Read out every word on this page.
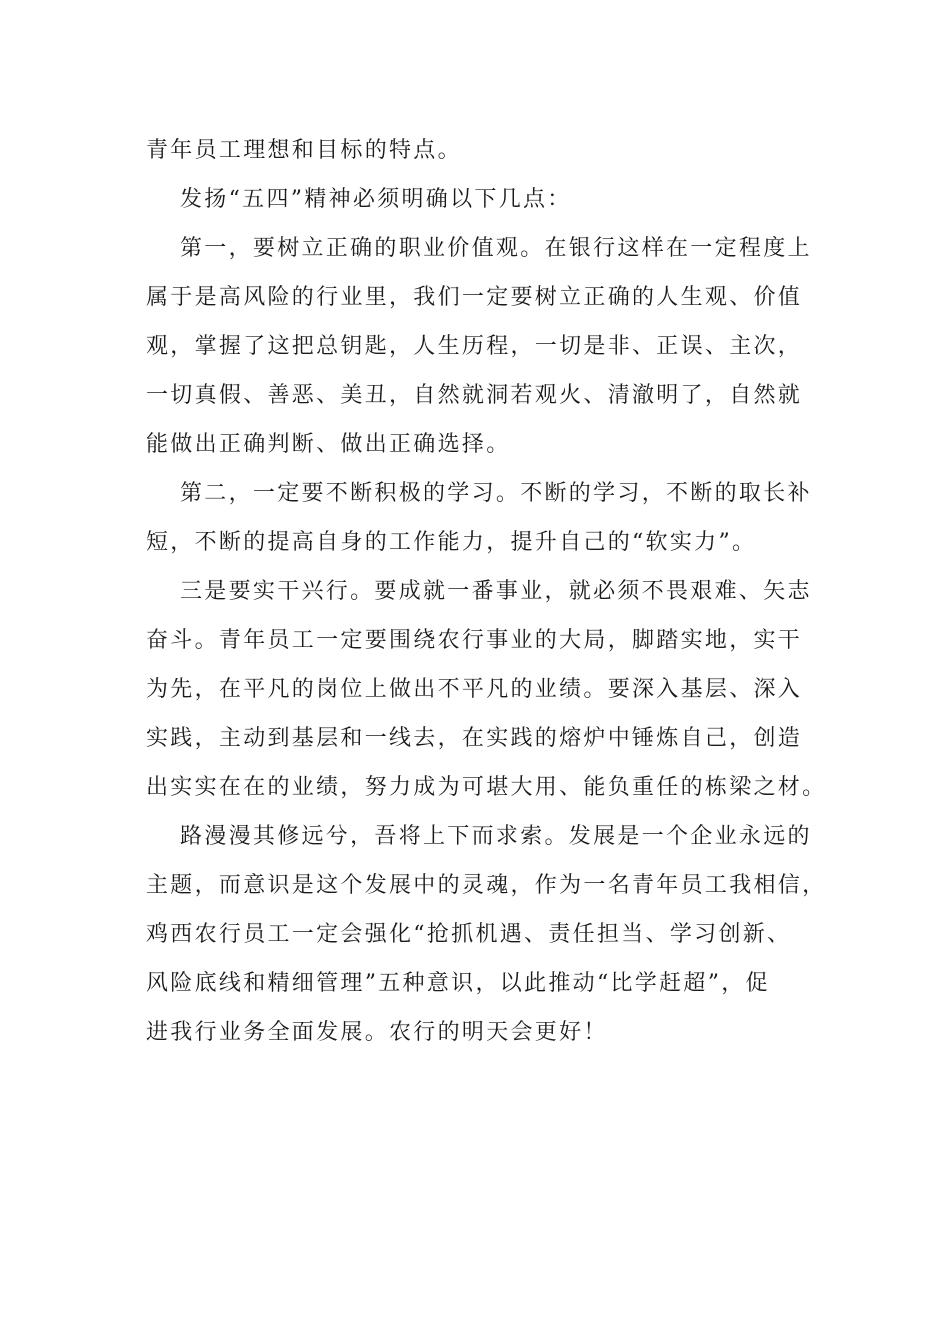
青年员工理想和目标的特点。
发扬“五四”精神必须明确以下几点：
第一，要树立正确的职业价值观。在银行这样在一定程度上
属于是高风险的行业里，我们一定要树立正确的人生观、价值
观，掌握了这把总钥匙，人生历程，一切是非、正误、主次，
一切真假、善恶、美丑，自然就洞若观火、清澈明了，自然就
能做出正确判断、做出正确选择。
第二，一定要不断积极的学习。不断的学习，不断的取长补
短，不断的提高自身的工作能力，提升自己的“软实力”。
三是要实干兴行。要成就一番事业，就必须不畏艰难、矢志
奋斗。青年员工一定要围绕农行事业的大局，脚踏实地，实干
为先，在平凡的岗位上做出不平凡的业绩。要深入基层、深入
实践，主动到基层和一线去，在实践的熔炉中锤炼自己，创造
出实实在在的业绩，努力成为可堪大用、能负重任的栋梁之材。
路漫漫其修远兮，吾将上下而求索。发展是一个企业永远的
主题，而意识是这个发展中的灵魂，作为一名青年员工我相信，
鸡西农行员工一定会强化“抢抓机遇、责任担当、学习创新、
风险底线和精细管理”五种意识，以此推动“比学赶超”，促
进我行业务全面发展。农行的明天会更好！
